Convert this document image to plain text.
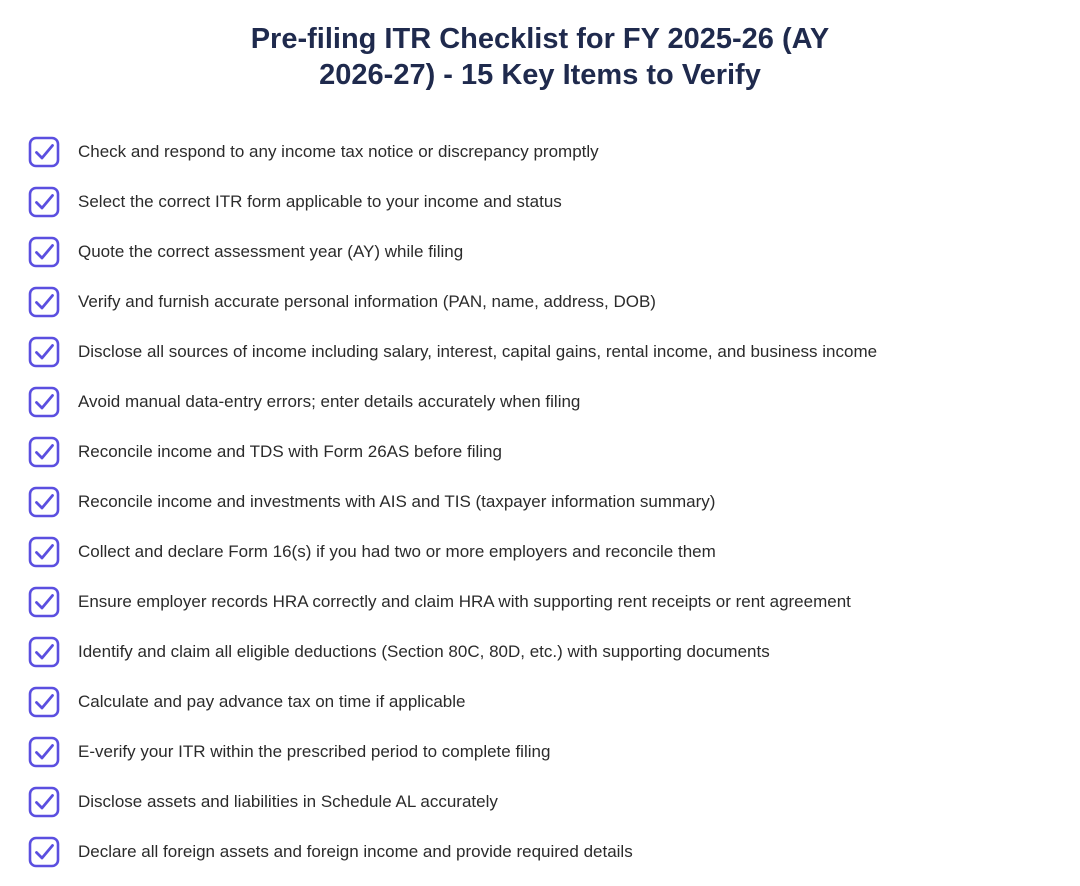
Pre-filing ITR Checklist for FY 2025-26 (AY
2026-27) - 15 Key Items to Verify
Check and respond to any income tax notice or discrepancy promptly
Select the correct ITR form applicable to your income and status
Quote the correct assessment year (AY) while filing
Verify and furnish accurate personal information (PAN, name, address, DOB)
Disclose all sources of income including salary, interest, capital gains, rental income, and business income
Avoid manual data-entry errors; enter details accurately when filing
Reconcile income and TDS with Form 26AS before filing
Reconcile income and investments with AIS and TIS (taxpayer information summary)
Collect and declare Form 16(s) if you had two or more employers and reconcile them
Ensure employer records HRA correctly and claim HRA with supporting rent receipts or rent agreement
Identify and claim all eligible deductions (Section 80C, 80D, etc.) with supporting documents
Calculate and pay advance tax on time if applicable
E-verify your ITR within the prescribed period to complete filing
Disclose assets and liabilities in Schedule AL accurately
Declare all foreign assets and foreign income and provide required details
